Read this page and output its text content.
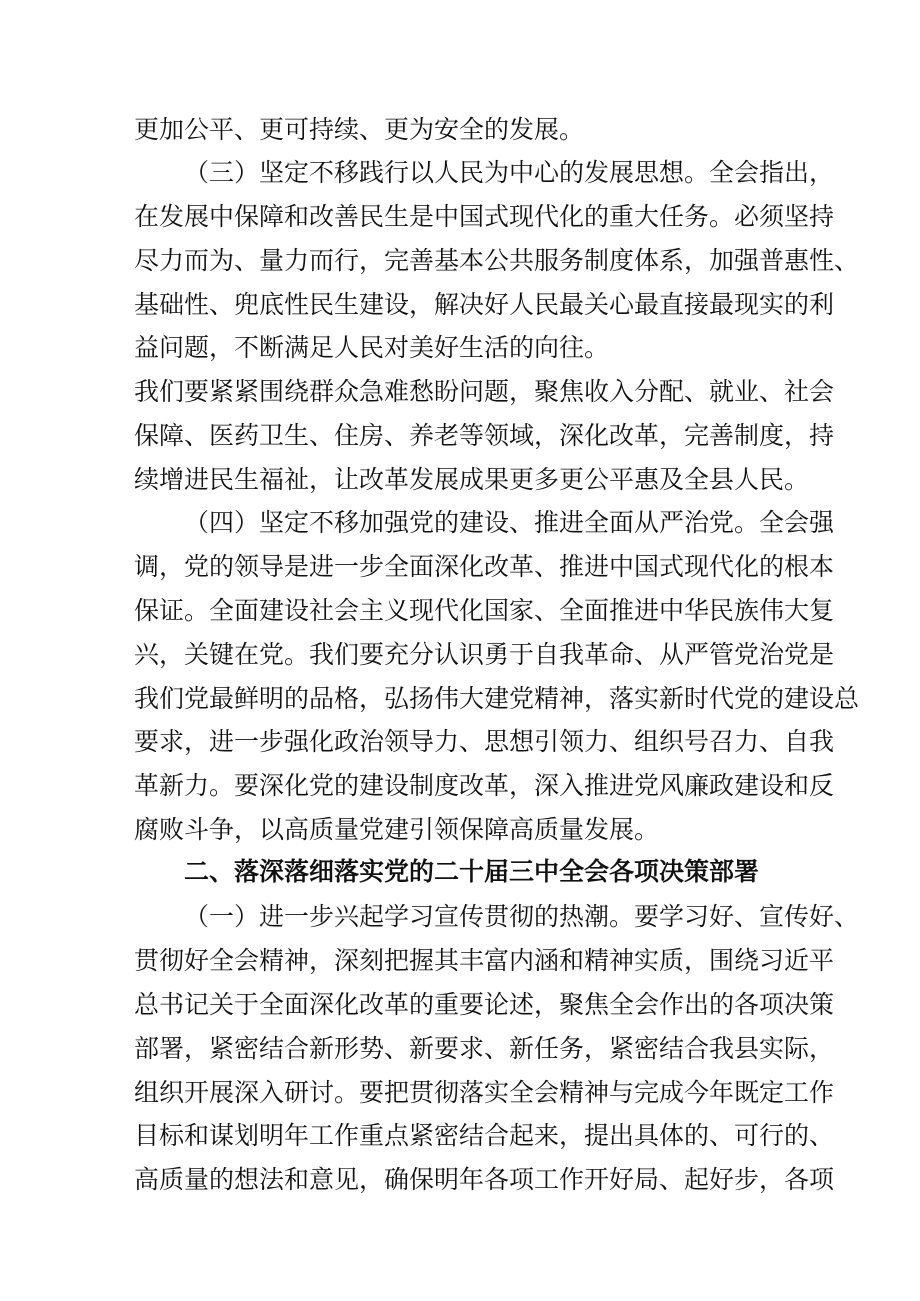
更加公平、更可持续、更为安全的发展。
（三）坚定不移践行以人民为中心的发展思想。全会指出，
在发展中保障和改善民生是中国式现代化的重大任务。必须坚持
尽力而为、量力而行，完善基本公共服务制度体系，加强普惠性、
基础性、兜底性民生建设，解决好人民最关心最直接最现实的利
益问题，不断满足人民对美好生活的向往。
我们要紧紧围绕群众急难愁盼问题，聚焦收入分配、就业、社会
保障、医药卫生、住房、养老等领域，深化改革，完善制度，持
续增进民生福祉，让改革发展成果更多更公平惠及全县人民。
（四）坚定不移加强党的建设、推进全面从严治党。全会强
调，党的领导是进一步全面深化改革、推进中国式现代化的根本
保证。全面建设社会主义现代化国家、全面推进中华民族伟大复
兴，关键在党。我们要充分认识勇于自我革命、从严管党治党是
我们党最鲜明的品格，弘扬伟大建党精神，落实新时代党的建设总
要求，进一步强化政治领导力、思想引领力、组织号召力、自我
革新力。要深化党的建设制度改革，深入推进党风廉政建设和反
腐败斗争，以高质量党建引领保障高质量发展。
二、落深落细落实党的二十届三中全会各项决策部署
（一）进一步兴起学习宣传贯彻的热潮。要学习好、宣传好、
贯彻好全会精神，深刻把握其丰富内涵和精神实质，围绕习近平
总书记关于全面深化改革的重要论述，聚焦全会作出的各项决策
部署，紧密结合新形势、新要求、新任务，紧密结合我县实际，
组织开展深入研讨。要把贯彻落实全会精神与完成今年既定工作
目标和谋划明年工作重点紧密结合起来，提出具体的、可行的、
高质量的想法和意见，确保明年各项工作开好局、起好步，各项
